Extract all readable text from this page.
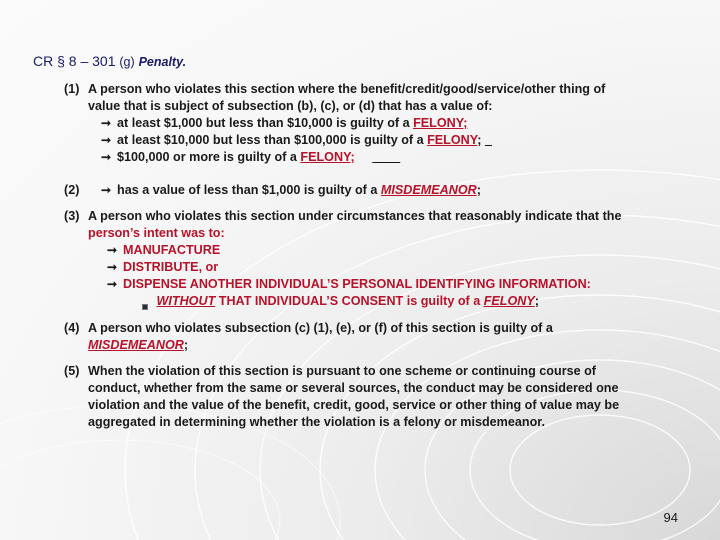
CR § 8 – 301 (g) Penalty.
(1) A person who violates this section where the benefit/credit/good/service/other thing of
value that is subject of subsection (b), (c), or (d) that has a value of:
➞ at least $1,000 but less than $10,000 is guilty of a FELONY;
➞ at least $10,000 but less than $100,000 is guilty of a FELONY;
➞ $100,000 or more is guilty of a FELONY;
(2)	➞ has a value of less than $1,000 is guilty of a MISDEMEANOR;
(3) A person who violates this section under circumstances that reasonably indicate that the
person’s intent was to:
➞ MANUFACTURE
➞ DISTRIBUTE, or
➞ DISPENSE ANOTHER INDIVIDUAL’S PERSONAL IDENTIFYING INFORMATION:
WITHOUT THAT INDIVIDUAL’S CONSENT is guilty of a FELONY;
(4) A person who violates subsection (c) (1), (e), or (f) of this section is guilty of a
MISDEMEANOR;
(5) When the violation of this section is pursuant to one scheme or continuing course of
conduct, whether from the same or several sources, the conduct may be considered one
violation and the value of the benefit, credit, good, service or other thing of value may be
aggregated in determining whether the violation is a felony or misdemeanor.
94
